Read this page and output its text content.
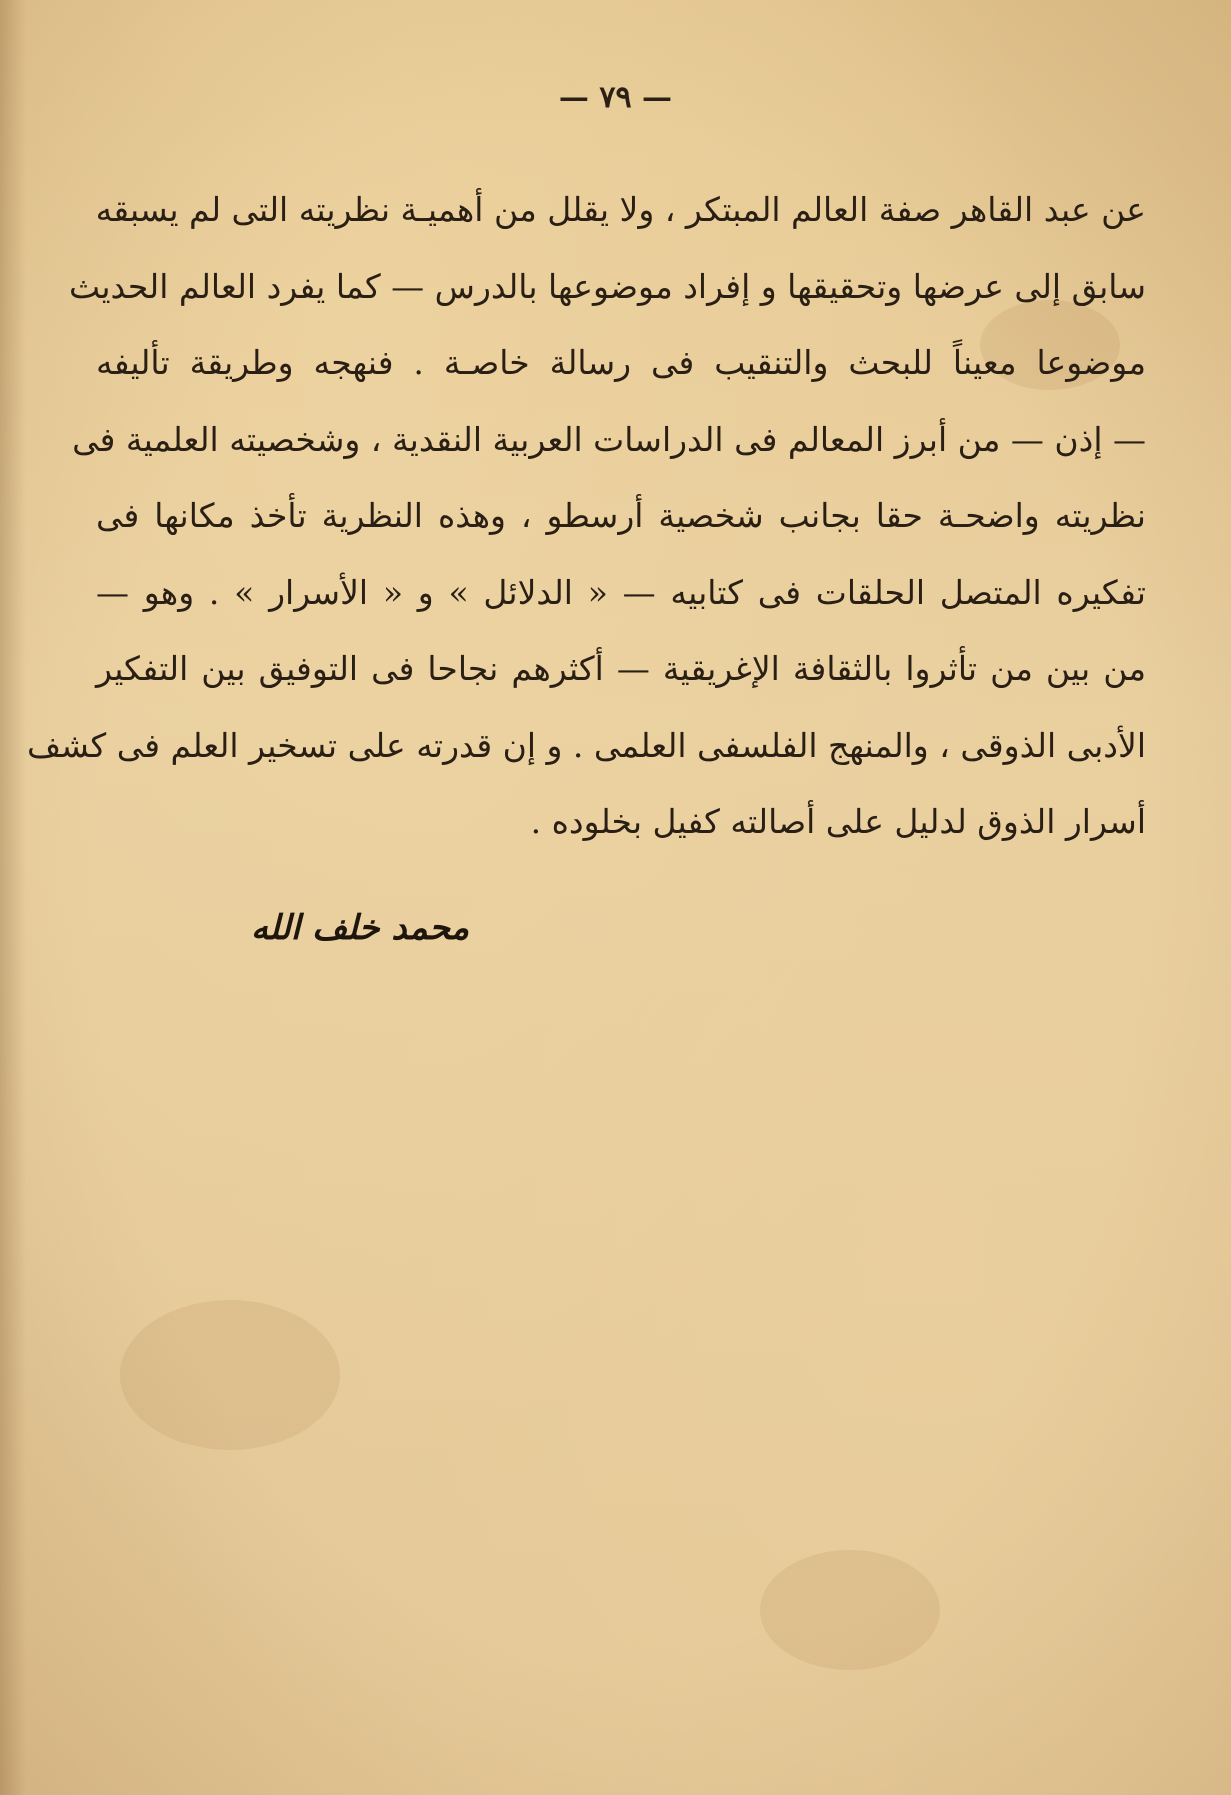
— ٧٩ —
عن عبد القاهر صفة العالم المبتكر ، ولا يقلل من أهميـة نظريته التى لم يسبقه
سابق إلى عرضها وتحقيقها و إفراد موضوعها بالدرس — كما يفرد العالم الحديث
موضوعا معيناً للبحث والتنقيب فى رسالة خاصـة . فنهجه وطريقة تأليفه
— إذن — من أبرز المعالم فى الدراسات العربية النقدية ، وشخصيته العلمية فى
نظريته واضحـة حقا بجانب شخصية أرسطو ، وهذه النظرية تأخذ مكانها فى
تفكيره المتصل الحلقات فى كتابيه — « الدلائل » و « الأسرار » . وهو —
من بين من تأثروا بالثقافة الإغريقية — أكثرهم نجاحا فى التوفيق بين التفكير
الأدبى الذوقى ، والمنهج الفلسفى العلمى . و إن قدرته على تسخير العلم فى كشف
أسرار الذوق لدليل على أصالته كفيل بخلوده .
محمد خلف الله
